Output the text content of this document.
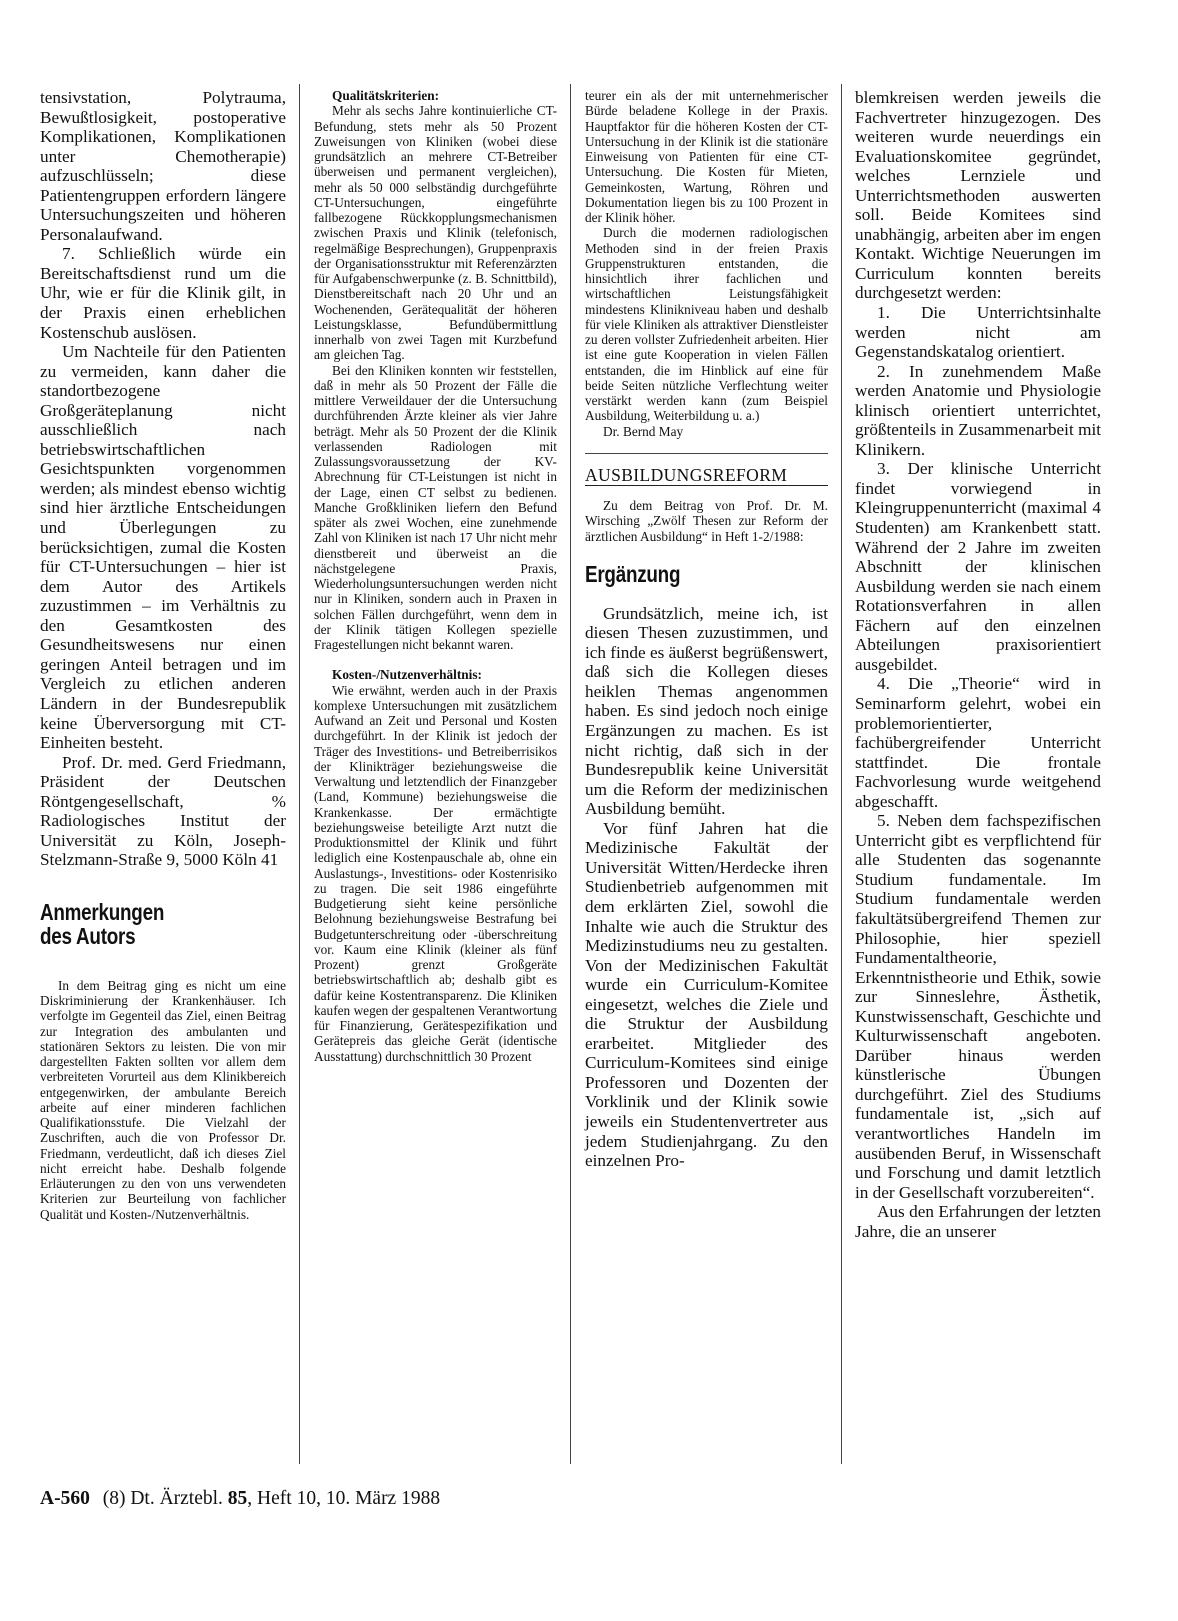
tensivstation, Polytrauma, Bewußtlosigkeit, postoperative Komplikationen, Komplikationen unter Chemotherapie) aufzuschlüsseln; diese Patientengruppen erfordern längere Untersuchungszeiten und höheren Personalaufwand.

7. Schließlich würde ein Bereitschaftsdienst rund um die Uhr, wie er für die Klinik gilt, in der Praxis einen erheblichen Kostenschub auslösen.

Um Nachteile für den Patienten zu vermeiden, kann daher die standortbezogene Großgeräteplanung nicht ausschließlich nach betriebswirtschaftlichen Gesichtspunkten vorgenommen werden; als mindest ebenso wichtig sind hier ärztliche Entscheidungen und Überlegungen zu berücksichtigen, zumal die Kosten für CT-Untersuchungen – hier ist dem Autor des Artikels zuzustimmen – im Verhältnis zu den Gesamtkosten des Gesundheitswesens nur einen geringen Anteil betragen und im Vergleich zu etlichen anderen Ländern in der Bundesrepublik keine Überversorgung mit CT-Einheiten besteht.

Prof. Dr. med. Gerd Friedmann, Präsident der Deutschen Röntgengesellschaft, % Radiologisches Institut der Universität zu Köln, Joseph-Stelzmann-Straße 9, 5000 Köln 41

Anmerkungen
des Autors

In dem Beitrag ging es nicht um eine Diskriminierung der Krankenhäuser. Ich verfolgte im Gegenteil das Ziel, einen Beitrag zur Integration des ambulanten und stationären Sektors zu leisten. Die von mir dargestellten Fakten sollten vor allem dem verbreiteten Vorurteil aus dem Klinikbereich entgegenwirken, der ambulante Bereich arbeite auf einer minderen fachlichen Qualifikationsstufe. Die Vielzahl der Zuschriften, auch die von Professor Dr. Friedmann, verdeutlicht, daß ich dieses Ziel nicht erreicht habe. Deshalb folgende Erläuterungen zu den von uns verwendeten Kriterien zur Beurteilung von fachlicher Qualität und Kosten-/Nutzenverhältnis.

Qualitätskriterien:

Mehr als sechs Jahre kontinuierliche CT-Befundung, stets mehr als 50 Prozent Zuweisungen von Kliniken (wobei diese grundsätzlich an mehrere CT-Betreiber überweisen und permanent vergleichen), mehr als 50 000 selbständig durchgeführte CT-Untersuchungen, eingeführte fallbezogene Rückkopplungsmechanismen zwischen Praxis und Klinik (telefonisch, regelmäßige Besprechungen), Gruppenpraxis der Organisationsstruktur mit Referenzärzten für Aufgabenschwerpunke (z. B. Schnittbild), Dienstbereitschaft nach 20 Uhr und an Wochenenden, Gerätequalität der höheren Leistungsklasse, Befundübermittlung innerhalb von zwei Tagen mit Kurzbefund am gleichen Tag.

Bei den Kliniken konnten wir feststellen, daß in mehr als 50 Prozent der Fälle die mittlere Verweildauer der die Untersuchung durchführenden Ärzte kleiner als vier Jahre beträgt. Mehr als 50 Prozent der die Klinik verlassenden Radiologen mit Zulassungsvoraussetzung der KV-Abrechnung für CT-Leistungen ist nicht in der Lage, einen CT selbst zu bedienen. Manche Großkliniken liefern den Befund später als zwei Wochen, eine zunehmende Zahl von Kliniken ist nach 17 Uhr nicht mehr dienstbereit und überweist an die nächstgelegene Praxis, Wiederholungsuntersuchungen werden nicht nur in Kliniken, sondern auch in Praxen in solchen Fällen durchgeführt, wenn dem in der Klinik tätigen Kollegen spezielle Fragestellungen nicht bekannt waren.

Kosten-/Nutzenverhältnis:

Wie erwähnt, werden auch in der Praxis komplexe Untersuchungen mit zusätzlichem Aufwand an Zeit und Personal und Kosten durchgeführt. In der Klinik ist jedoch der Träger des Investitions- und Betreiberrisikos der Klinikträger beziehungsweise die Verwaltung und letztendlich der Finanzgeber (Land, Kommune) beziehungsweise die Krankenkasse. Der ermächtigte beziehungsweise beteiligte Arzt nutzt die Produktionsmittel der Klinik und führt lediglich eine Kostenpauschale ab, ohne ein Auslastungs-, Investitions- oder Kostenrisiko zu tragen. Die seit 1986 eingeführte Budgetierung sieht keine persönliche Belohnung beziehungsweise Bestrafung bei Budgetunterschreitung oder -überschreitung vor. Kaum eine Klinik (kleiner als fünf Prozent) grenzt Großgeräte betriebswirtschaftlich ab; deshalb gibt es dafür keine Kostentransparenz. Die Kliniken kaufen wegen der gespaltenen Verantwortung für Finanzierung, Gerätespezifikation und Gerätepreis das gleiche Gerät (identische Ausstattung) durchschnittlich 30 Prozent

teurer ein als der mit unternehmerischer Bürde beladene Kollege in der Praxis. Hauptfaktor für die höheren Kosten der CT-Untersuchung in der Klinik ist die stationäre Einweisung von Patienten für eine CT-Untersuchung. Die Kosten für Mieten, Gemeinkosten, Wartung, Röhren und Dokumentation liegen bis zu 100 Prozent in der Klinik höher.

Durch die modernen radiologischen Methoden sind in der freien Praxis Gruppenstrukturen entstanden, die hinsichtlich ihrer fachlichen und wirtschaftlichen Leistungsfähigkeit mindestens Klinikniveau haben und deshalb für viele Kliniken als attraktiver Dienstleister zu deren vollster Zufriedenheit arbeiten. Hier ist eine gute Kooperation in vielen Fällen entstanden, die im Hinblick auf eine für beide Seiten nützliche Verflechtung weiter verstärkt werden kann (zum Beispiel Ausbildung, Weiterbildung u. a.)

Dr. Bernd May

AUSBILDUNGSREFORM

Zu dem Beitrag von Prof. Dr. M. Wirsching „Zwölf Thesen zur Reform der ärztlichen Ausbildung“ in Heft 1-2/1988:

Ergänzung

Grundsätzlich, meine ich, ist diesen Thesen zuzustimmen, und ich finde es äußerst begrüßenswert, daß sich die Kollegen dieses heiklen Themas angenommen haben. Es sind jedoch noch einige Ergänzungen zu machen. Es ist nicht richtig, daß sich in der Bundesrepublik keine Universität um die Reform der medizinischen Ausbildung bemüht.

Vor fünf Jahren hat die Medizinische Fakultät der Universität Witten/Herdecke ihren Studienbetrieb aufgenommen mit dem erklärten Ziel, sowohl die Inhalte wie auch die Struktur des Medizinstudiums neu zu gestalten. Von der Medizinischen Fakultät wurde ein Curriculum-Komitee eingesetzt, welches die Ziele und die Struktur der Ausbildung erarbeitet. Mitglieder des Curriculum-Komitees sind einige Professoren und Dozenten der Vorklinik und der Klinik sowie jeweils ein Studentenvertreter aus jedem Studienjahrgang. Zu den einzelnen Pro-

blemkreisen werden jeweils die Fachvertreter hinzugezogen. Des weiteren wurde neuerdings ein Evaluationskomitee gegründet, welches Lernziele und Unterrichtsmethoden auswerten soll. Beide Komitees sind unabhängig, arbeiten aber im engen Kontakt. Wichtige Neuerungen im Curriculum konnten bereits durchgesetzt werden:

1. Die Unterrichtsinhalte werden nicht am Gegenstandskatalog orientiert.

2. In zunehmendem Maße werden Anatomie und Physiologie klinisch orientiert unterrichtet, größtenteils in Zusammenarbeit mit Klinikern.

3. Der klinische Unterricht findet vorwiegend in Kleingruppenunterricht (maximal 4 Studenten) am Krankenbett statt. Während der 2 Jahre im zweiten Abschnitt der klinischen Ausbildung werden sie nach einem Rotationsverfahren in allen Fächern auf den einzelnen Abteilungen praxisorientiert ausgebildet.

4. Die „Theorie“ wird in Seminarform gelehrt, wobei ein problemorientierter, fachübergreifender Unterricht stattfindet. Die frontale Fachvorlesung wurde weitgehend abgeschafft.

5. Neben dem fachspezifischen Unterricht gibt es verpflichtend für alle Studenten das sogenannte Studium fundamentale. Im Studium fundamentale werden fakultätsübergreifend Themen zur Philosophie, hier speziell Fundamentaltheorie, Erkenntnistheorie und Ethik, sowie zur Sinneslehre, Ästhetik, Kunstwissenschaft, Geschichte und Kulturwissenschaft angeboten. Darüber hinaus werden künstlerische Übungen durchgeführt. Ziel des Studiums fundamentale ist, „sich auf verantwortliches Handeln im ausübenden Beruf, in Wissenschaft und Forschung und damit letztlich in der Gesellschaft vorzubereiten“.

Aus den Erfahrungen der letzten Jahre, die an unserer

A-560 (8) Dt. Ärztebl. 85, Heft 10, 10. März 1988
